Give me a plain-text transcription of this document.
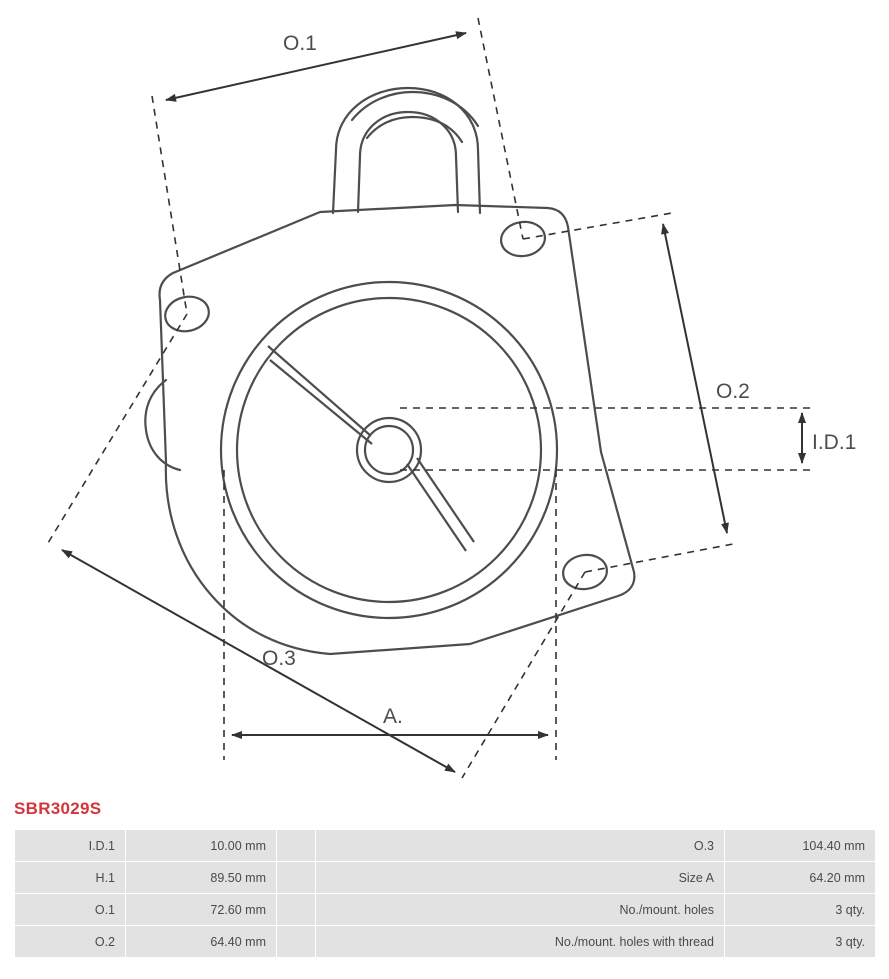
O.1
O.2
I.D.1
O.3
A.
SBR3029S
I.D.1	10.00 mm		O.3	104.40 mm
H.1	89.50 mm		Size A	64.20 mm
O.1	72.60 mm		No./mount. holes	3 qty.
O.2	64.40 mm		No./mount. holes with thread	3 qty.
